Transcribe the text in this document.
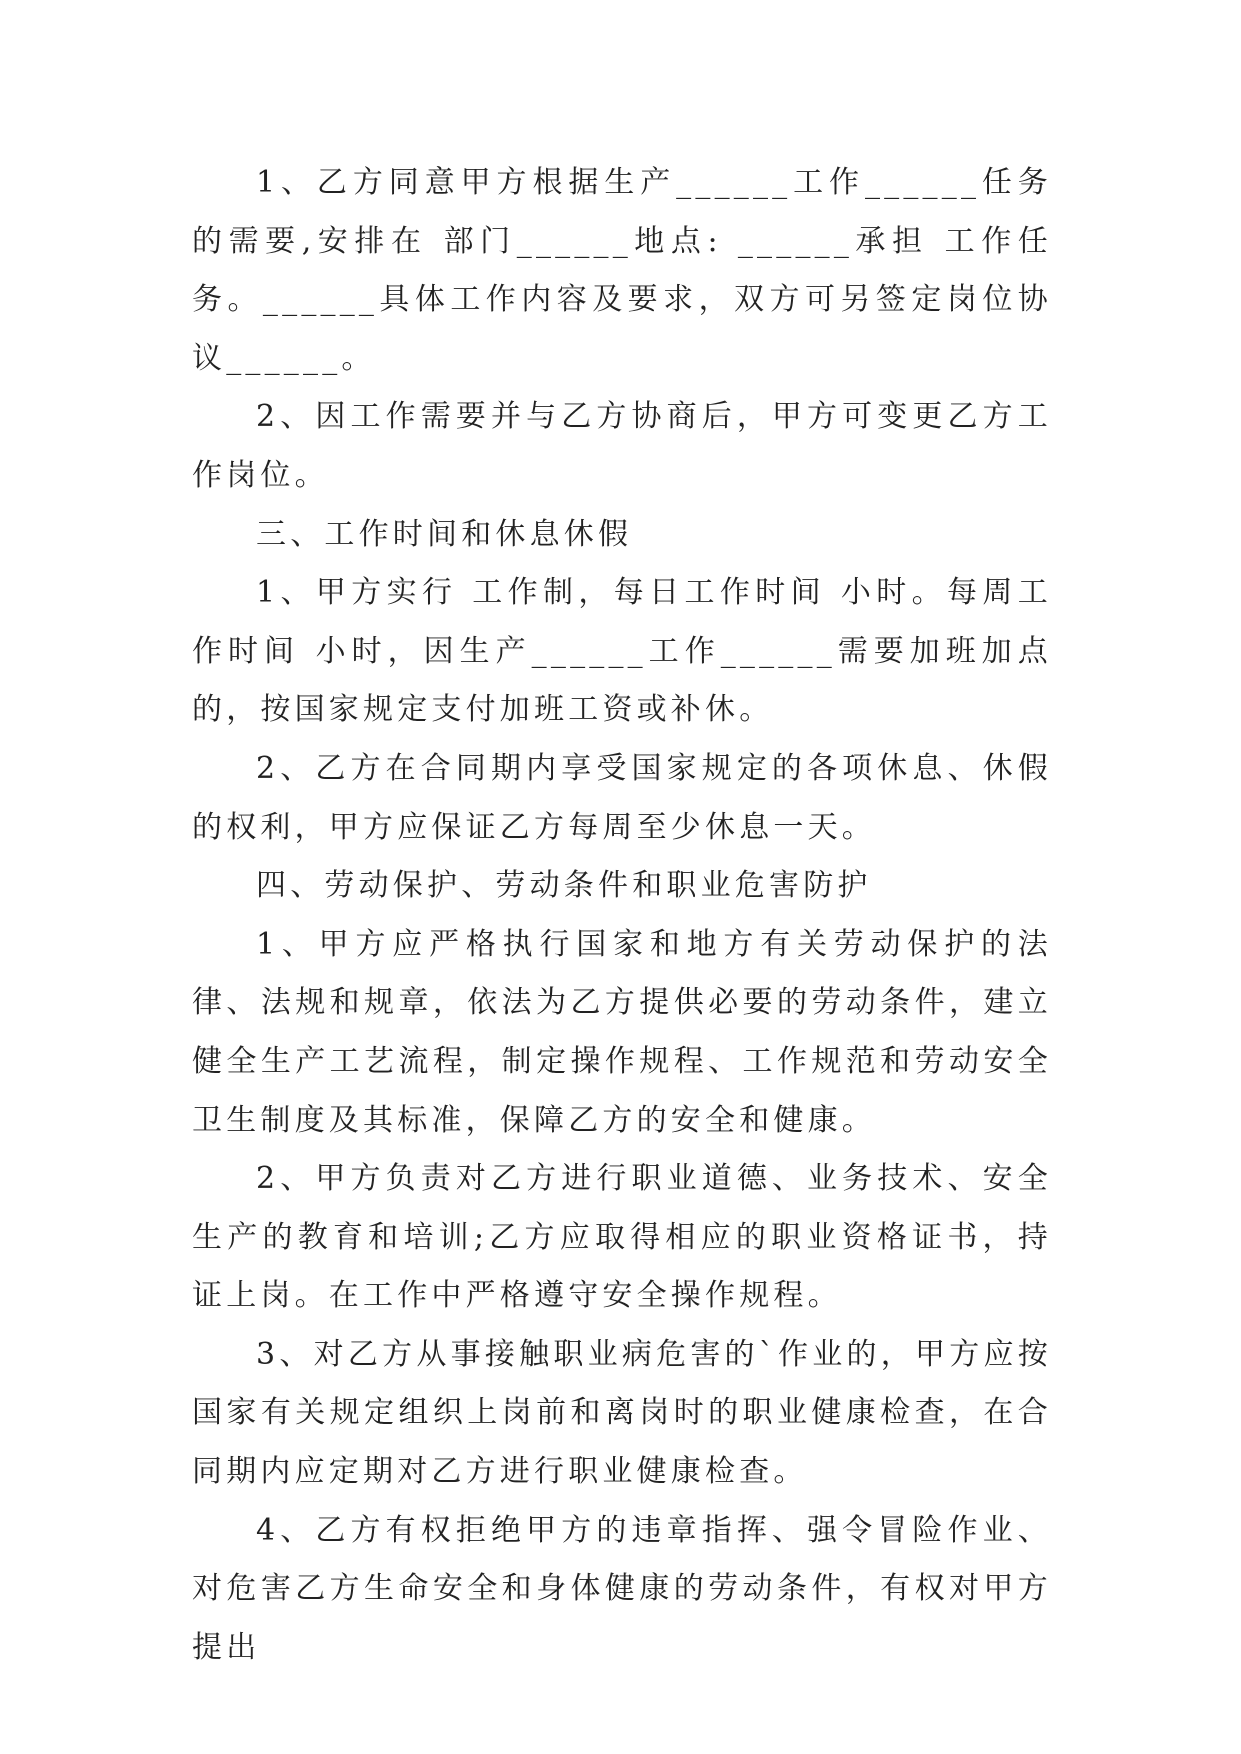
1、乙方同意甲方根据生产______工作______任务的需要,安排在 部门______地点: ______承担 工作任务。______具体工作内容及要求，双方可另签定岗位协议______。

2、因工作需要并与乙方协商后，甲方可变更乙方工作岗位。

三、工作时间和休息休假

1、甲方实行 工作制，每日工作时间 小时。每周工作时间 小时，因生产______工作______需要加班加点的，按国家规定支付加班工资或补休。

2、乙方在合同期内享受国家规定的各项休息、休假的权利，甲方应保证乙方每周至少休息一天。

四、劳动保护、劳动条件和职业危害防护

1、甲方应严格执行国家和地方有关劳动保护的法律、法规和规章，依法为乙方提供必要的劳动条件，建立健全生产工艺流程，制定操作规程、工作规范和劳动安全卫生制度及其标准，保障乙方的安全和健康。

2、甲方负责对乙方进行职业道德、业务技术、安全生产的教育和培训;乙方应取得相应的职业资格证书，持证上岗。在工作中严格遵守安全操作规程。

3、对乙方从事接触职业病危害的`作业的，甲方应按国家有关规定组织上岗前和离岗时的职业健康检查，在合同期内应定期对乙方进行职业健康检查。

4、乙方有权拒绝甲方的违章指挥、强令冒险作业、对危害乙方生命安全和身体健康的劳动条件，有权对甲方提出
